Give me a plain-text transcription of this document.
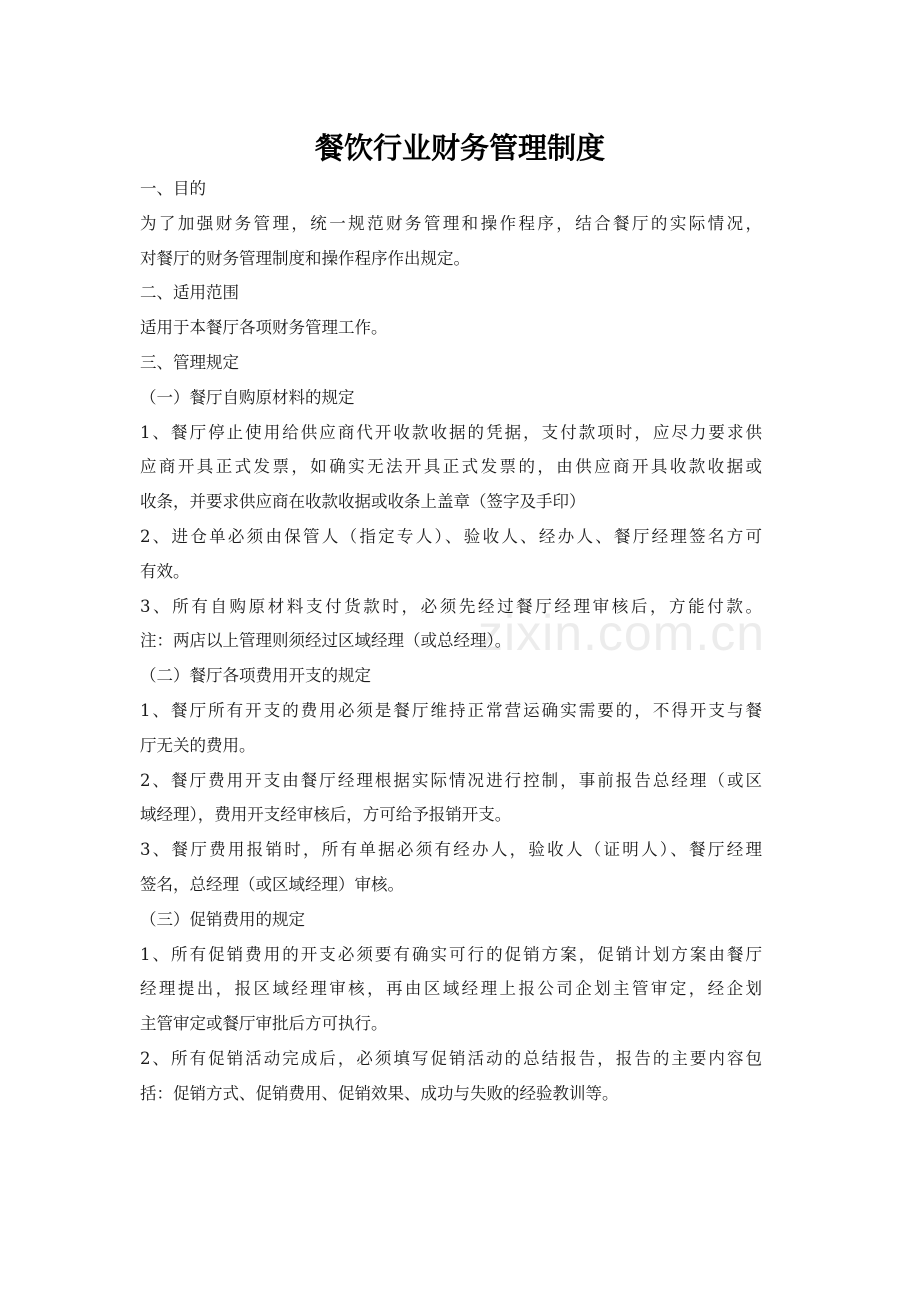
zixin.com.cn
餐饮行业财务管理制度
一、目的
为了加强财务管理，统一规范财务管理和操作程序，结合餐厅的实际情况，
对餐厅的财务管理制度和操作程序作出规定。
二、适用范围
适用于本餐厅各项财务管理工作。
三、管理规定
（一）餐厅自购原材料的规定
1、餐厅停止使用给供应商代开收款收据的凭据，支付款项时，应尽力要求供
应商开具正式发票，如确实无法开具正式发票的，由供应商开具收款收据或
收条，并要求供应商在收款收据或收条上盖章（签字及手印）
2、进仓单必须由保管人（指定专人）、验收人、经办人、餐厅经理签名方可
有效。
3、所有自购原材料支付货款时，必须先经过餐厅经理审核后，方能付款。
注：两店以上管理则须经过区域经理（或总经理）。
（二）餐厅各项费用开支的规定
1、餐厅所有开支的费用必须是餐厅维持正常营运确实需要的，不得开支与餐
厅无关的费用。
2、餐厅费用开支由餐厅经理根据实际情况进行控制，事前报告总经理（或区
域经理），费用开支经审核后，方可给予报销开支。
3、餐厅费用报销时，所有单据必须有经办人，验收人（证明人）、餐厅经理
签名，总经理（或区域经理）审核。
（三）促销费用的规定
1、所有促销费用的开支必须要有确实可行的促销方案，促销计划方案由餐厅
经理提出，报区域经理审核，再由区域经理上报公司企划主管审定，经企划
主管审定或餐厅审批后方可执行。
2、所有促销活动完成后，必须填写促销活动的总结报告，报告的主要内容包
括：促销方式、促销费用、促销效果、成功与失败的经验教训等。
